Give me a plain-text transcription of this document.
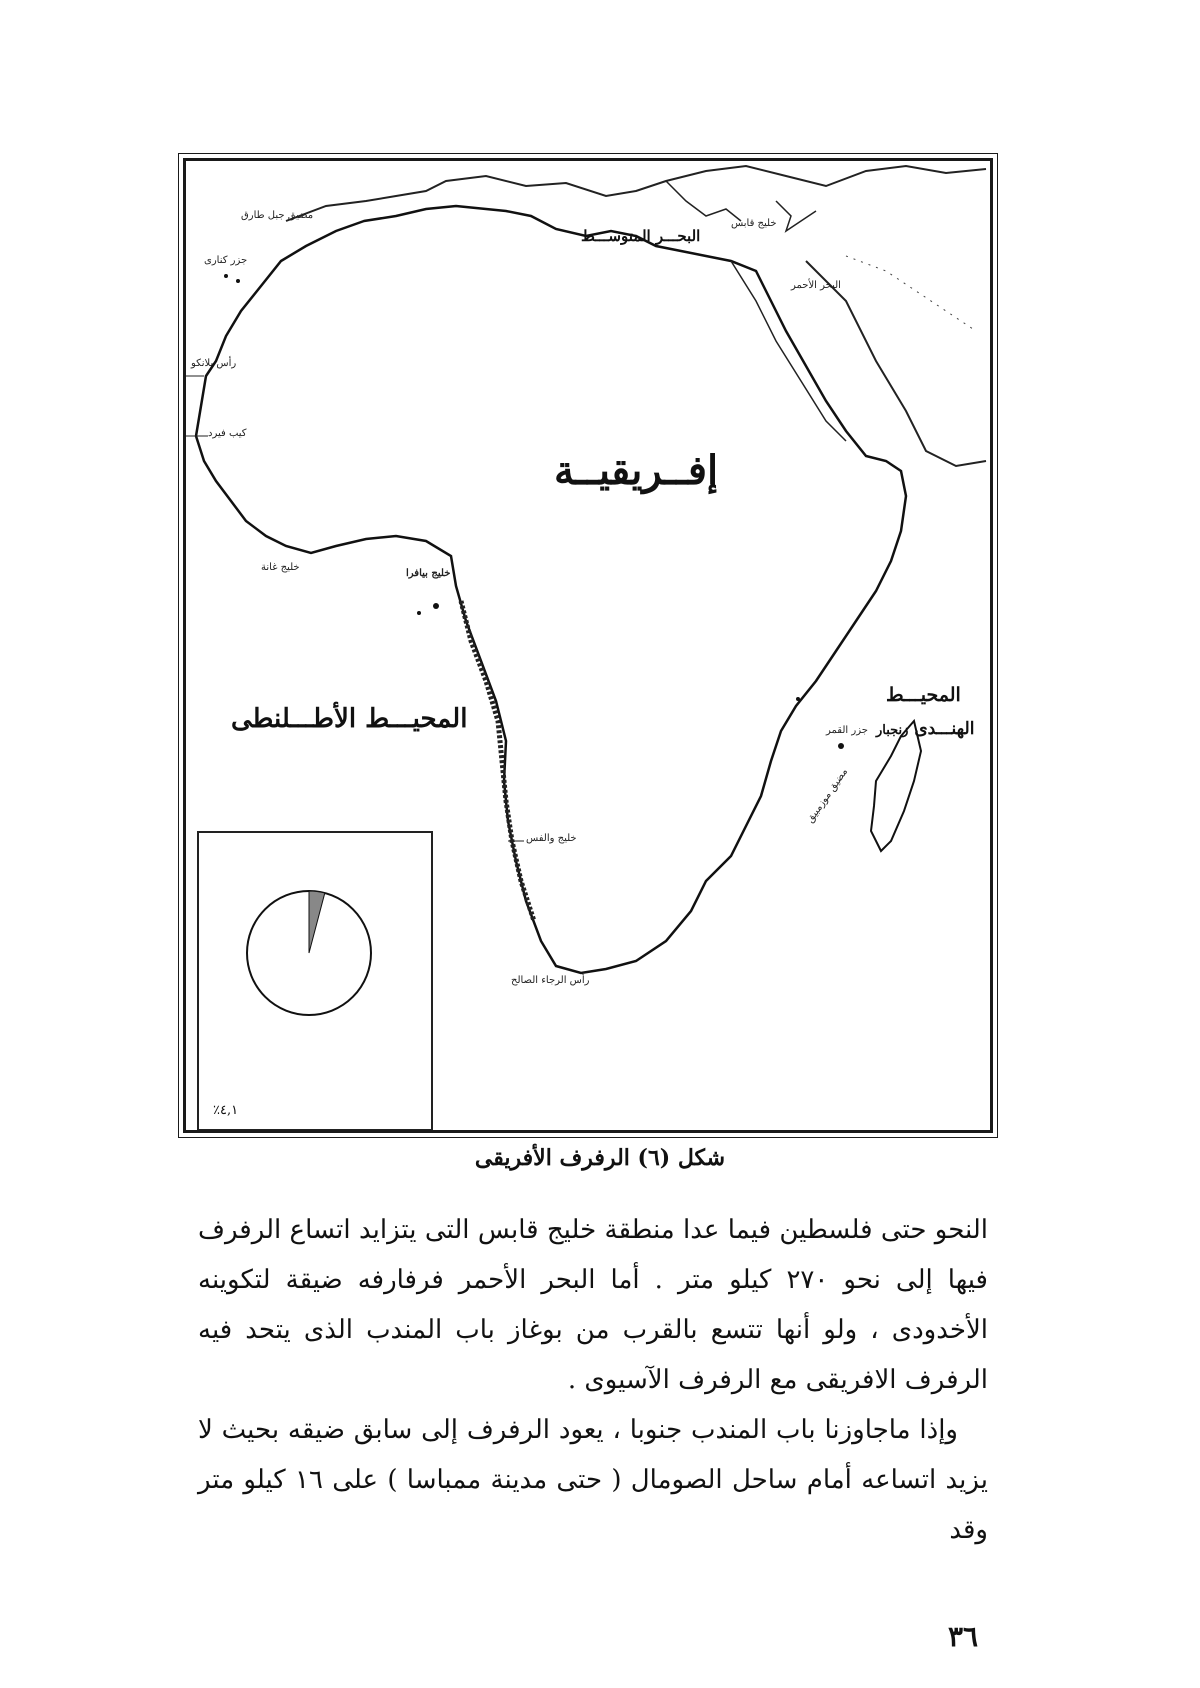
إفــريقيــة
المحيـــط الأطـــلنطى
المحيـــط
الهنـــدى زنجبار
البحـــر المتوســـط
خليج قابس
البحر الأحمر
مضيق جبل طارق
جزر كنارى
رأس بلانكو
كيب فيرد
خليج بيافرا
خليج غانة
خليج والفس
رأس الرجاء الصالح
جزر القمر
مضيق موزمبيق
٤,١٪
شكل (٦) الرفرف الأفريقى

النحو حتى فلسطين فيما عدا منطقة خليج قابس التى يتزايد اتساع الرفرف فيها إلى نحو ٢٧٠ كيلو متر . أما البحر الأحمر فرفارفه ضيقة لتكوينه الأخدودى ، ولو أنها تتسع بالقرب من بوغاز باب المندب الذى يتحد فيه الرفرف الافريقى مع الرفرف الآسيوى .

وإذا ماجاوزنا باب المندب جنوبا ، يعود الرفرف إلى سابق ضيقه بحيث لا يزيد اتساعه أمام ساحل الصومال ( حتى مدينة ممباسا ) على ١٦ كيلو متر وقد

٣٦
